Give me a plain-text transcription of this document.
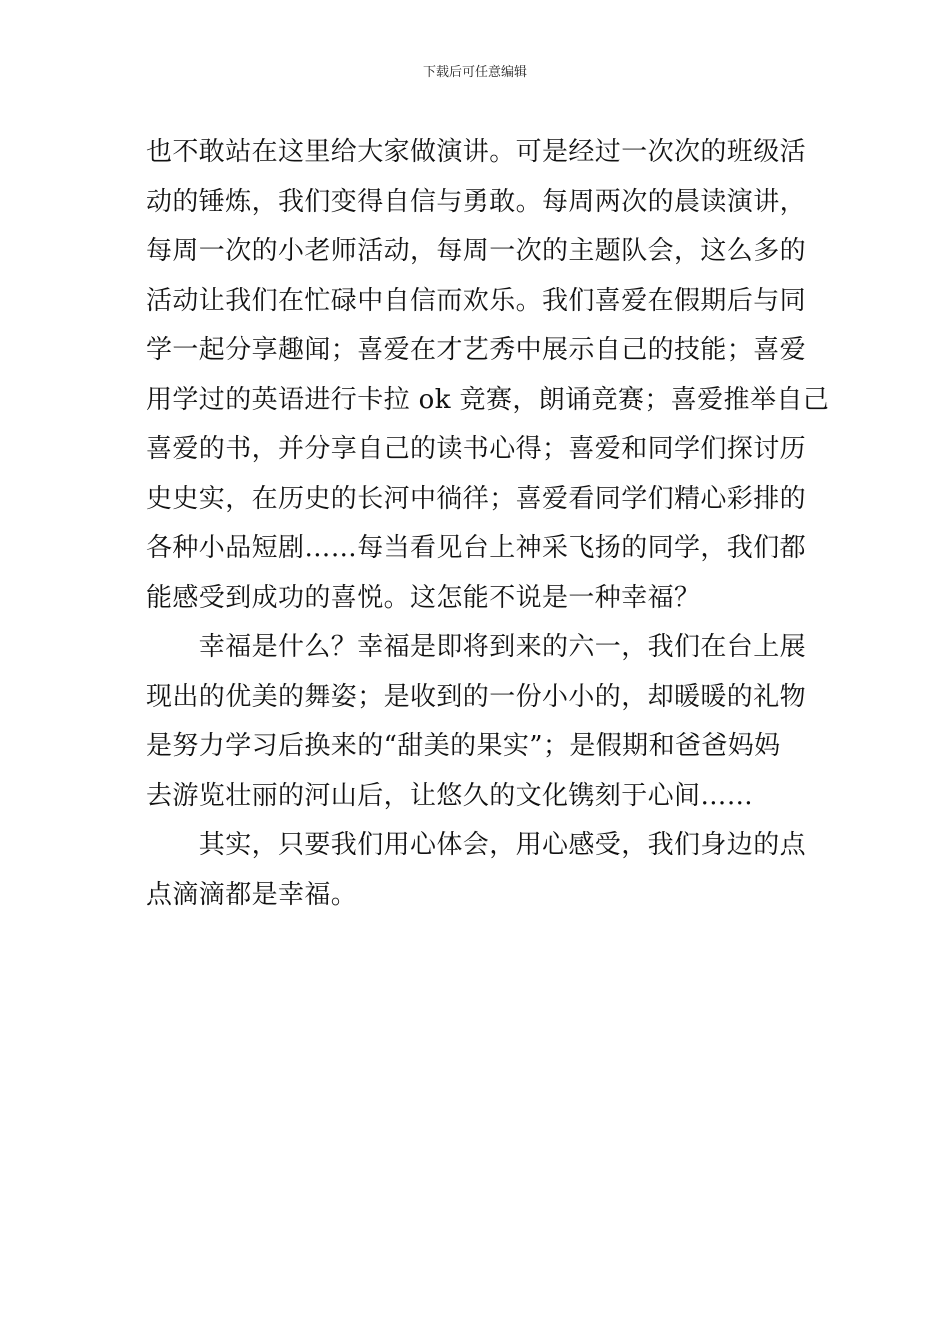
下载后可任意编辑
也不敢站在这里给大家做演讲。可是经过一次次的班级活
动的锤炼，我们变得自信与勇敢。每周两次的晨读演讲，
每周一次的小老师活动，每周一次的主题队会，这么多的
活动让我们在忙碌中自信而欢乐。我们喜爱在假期后与同
学一起分享趣闻；喜爱在才艺秀中展示自己的技能；喜爱
用学过的英语进行卡拉 ok 竞赛，朗诵竞赛；喜爱推举自己
喜爱的书，并分享自己的读书心得；喜爱和同学们探讨历
史史实，在历史的长河中徜徉；喜爱看同学们精心彩排的
各种小品短剧……每当看见台上神采飞扬的同学，我们都
能感受到成功的喜悦。这怎能不说是一种幸福？
　　幸福是什么？幸福是即将到来的六一，我们在台上展
现出的优美的舞姿；是收到的一份小小的，却暖暖的礼物
是努力学习后换来的“甜美的果实”；是假期和爸爸妈妈
去游览壮丽的河山后，让悠久的文化镌刻于心间……
　　其实，只要我们用心体会，用心感受，我们身边的点
点滴滴都是幸福。
